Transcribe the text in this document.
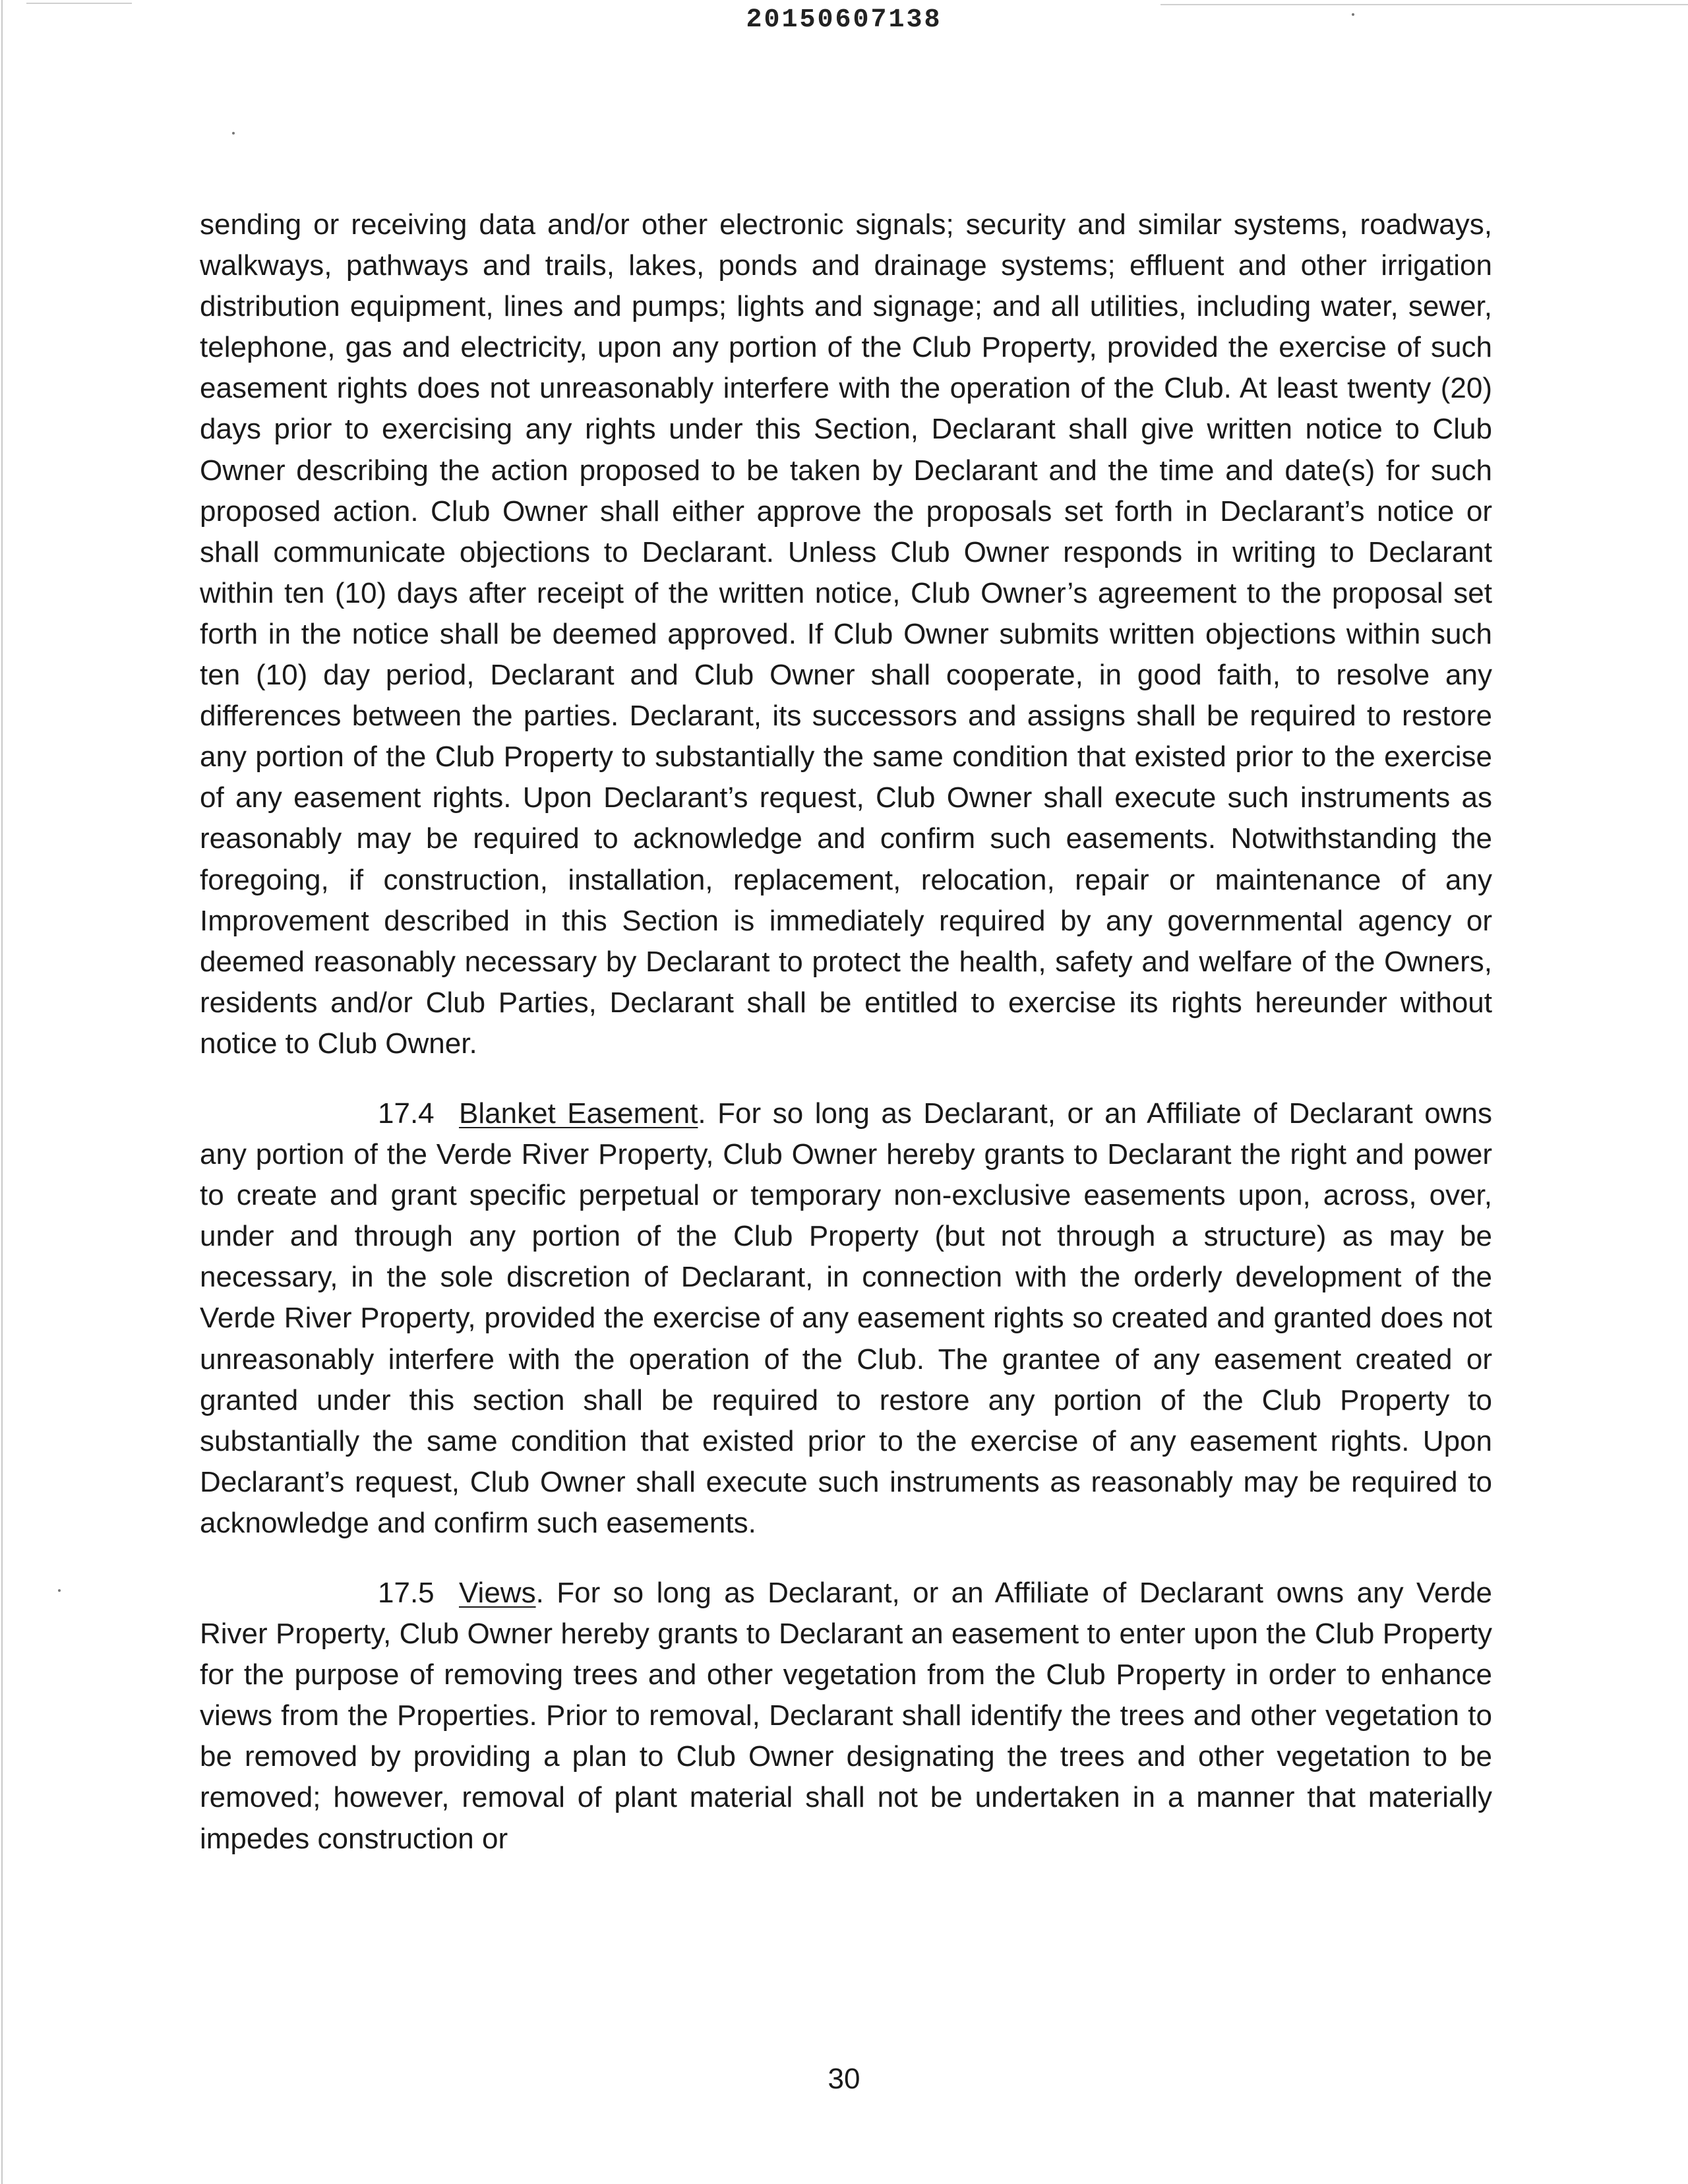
20150607138

sending or receiving data and/or other electronic signals; security and similar systems, roadways, walkways, pathways and trails, lakes, ponds and drainage systems; effluent and other irrigation distribution equipment, lines and pumps; lights and signage; and all utilities, including water, sewer, telephone, gas and electricity, upon any portion of the Club Property, provided the exercise of such easement rights does not unreasonably interfere with the operation of the Club. At least twenty (20) days prior to exercising any rights under this Section, Declarant shall give written notice to Club Owner describing the action proposed to be taken by Declarant and the time and date(s) for such proposed action. Club Owner shall either approve the proposals set forth in Declarant’s notice or shall communicate objections to Declarant. Unless Club Owner responds in writing to Declarant within ten (10) days after receipt of the written notice, Club Owner’s agreement to the proposal set forth in the notice shall be deemed approved. If Club Owner submits written objections within such ten (10) day period, Declarant and Club Owner shall cooperate, in good faith, to resolve any differences between the parties. Declarant, its successors and assigns shall be required to restore any portion of the Club Property to substantially the same condition that existed prior to the exercise of any easement rights. Upon Declarant’s request, Club Owner shall execute such instruments as reasonably may be required to acknowledge and confirm such easements. Notwithstanding the foregoing, if construction, installation, replacement, relocation, repair or maintenance of any Improvement described in this Section is immediately required by any governmental agency or deemed reasonably necessary by Declarant to protect the health, safety and welfare of the Owners, residents and/or Club Parties, Declarant shall be entitled to exercise its rights hereunder without notice to Club Owner.

17.4 Blanket Easement. For so long as Declarant, or an Affiliate of Declarant owns any portion of the Verde River Property, Club Owner hereby grants to Declarant the right and power to create and grant specific perpetual or temporary non-exclusive easements upon, across, over, under and through any portion of the Club Property (but not through a structure) as may be necessary, in the sole discretion of Declarant, in connection with the orderly development of the Verde River Property, provided the exercise of any easement rights so created and granted does not unreasonably interfere with the operation of the Club. The grantee of any easement created or granted under this section shall be required to restore any portion of the Club Property to substantially the same condition that existed prior to the exercise of any easement rights. Upon Declarant’s request, Club Owner shall execute such instruments as reasonably may be required to acknowledge and confirm such easements.

17.5 Views. For so long as Declarant, or an Affiliate of Declarant owns any Verde River Property, Club Owner hereby grants to Declarant an easement to enter upon the Club Property for the purpose of removing trees and other vegetation from the Club Property in order to enhance views from the Properties. Prior to removal, Declarant shall identify the trees and other vegetation to be removed by providing a plan to Club Owner designating the trees and other vegetation to be removed; however, removal of plant material shall not be undertaken in a manner that materially impedes construction or

30
